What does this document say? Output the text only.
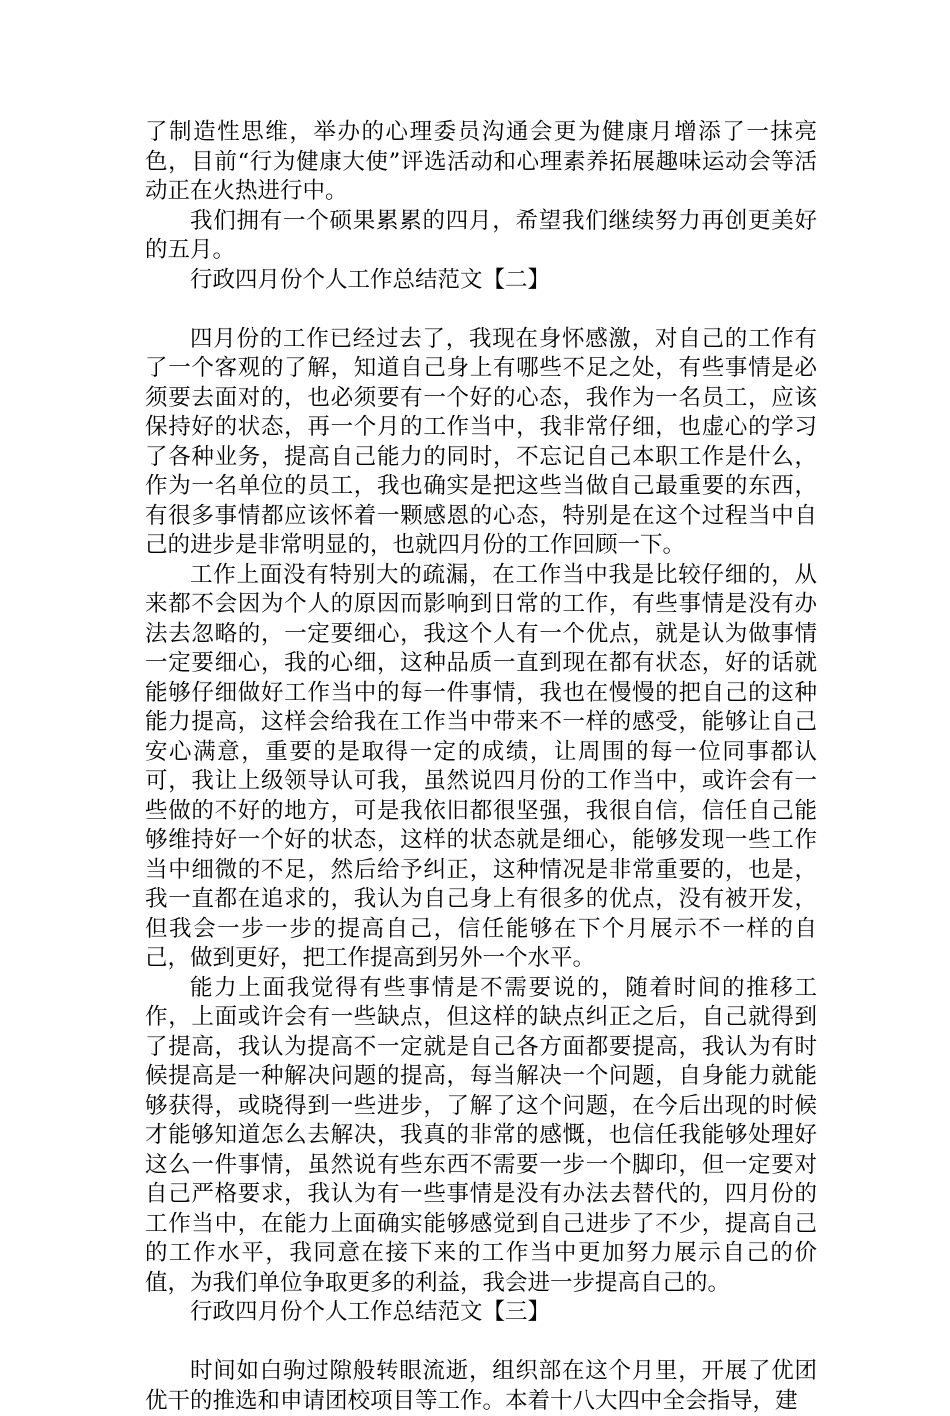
了制造性思维，举办的心理委员沟通会更为健康月增添了一抹亮色，目前“行为健康大使”评选活动和心理素养拓展趣味运动会等活动正在火热进行中。

我们拥有一个硕果累累的四月，希望我们继续努力再创更美好的五月。

行政四月份个人工作总结范文【二】

四月份的工作已经过去了，我现在身怀感激，对自己的工作有了一个客观的了解，知道自己身上有哪些不足之处，有些事情是必须要去面对的，也必须要有一个好的心态，我作为一名员工，应该保持好的状态，再一个月的工作当中，我非常仔细，也虚心的学习了各种业务，提高自己能力的同时，不忘记自己本职工作是什么，作为一名单位的员工，我也确实是把这些当做自己最重要的东西，有很多事情都应该怀着一颗感恩的心态，特别是在这个过程当中自己的进步是非常明显的，也就四月份的工作回顾一下。

工作上面没有特别大的疏漏，在工作当中我是比较仔细的，从来都不会因为个人的原因而影响到日常的工作，有些事情是没有办法去忽略的，一定要细心，我这个人有一个优点，就是认为做事情一定要细心，我的心细，这种品质一直到现在都有状态，好的话就能够仔细做好工作当中的每一件事情，我也在慢慢的把自己的这种能力提高，这样会给我在工作当中带来不一样的感受，能够让自己安心满意，重要的是取得一定的成绩，让周围的每一位同事都认可，我让上级领导认可我，虽然说四月份的工作当中，或许会有一些做的不好的地方，可是我依旧都很坚强，我很自信，信任自己能够维持好一个好的状态，这样的状态就是细心，能够发现一些工作当中细微的不足，然后给予纠正，这种情况是非常重要的，也是，我一直都在追求的，我认为自己身上有很多的优点，没有被开发，但我会一步一步的提高自己，信任能够在下个月展示不一样的自己，做到更好，把工作提高到另外一个水平。

能力上面我觉得有些事情是不需要说的，随着时间的推移工作，上面或许会有一些缺点，但这样的缺点纠正之后，自己就得到了提高，我认为提高不一定就是自己各方面都要提高，我认为有时候提高是一种解决问题的提高，每当解决一个问题，自身能力就能够获得，或晓得到一些进步，了解了这个问题，在今后出现的时候才能够知道怎么去解决，我真的非常的感慨，也信任我能够处理好这么一件事情，虽然说有些东西不需要一步一个脚印，但一定要对自己严格要求，我认为有一些事情是没有办法去替代的，四月份的工作当中，在能力上面确实能够感觉到自己进步了不少，提高自己的工作水平，我同意在接下来的工作当中更加努力展示自己的价值，为我们单位争取更多的利益，我会进一步提高自己的。

行政四月份个人工作总结范文【三】

时间如白驹过隙般转眼流逝，组织部在这个月里，开展了优团优干的推选和申请团校项目等工作。本着十八大四中全会指导，建
